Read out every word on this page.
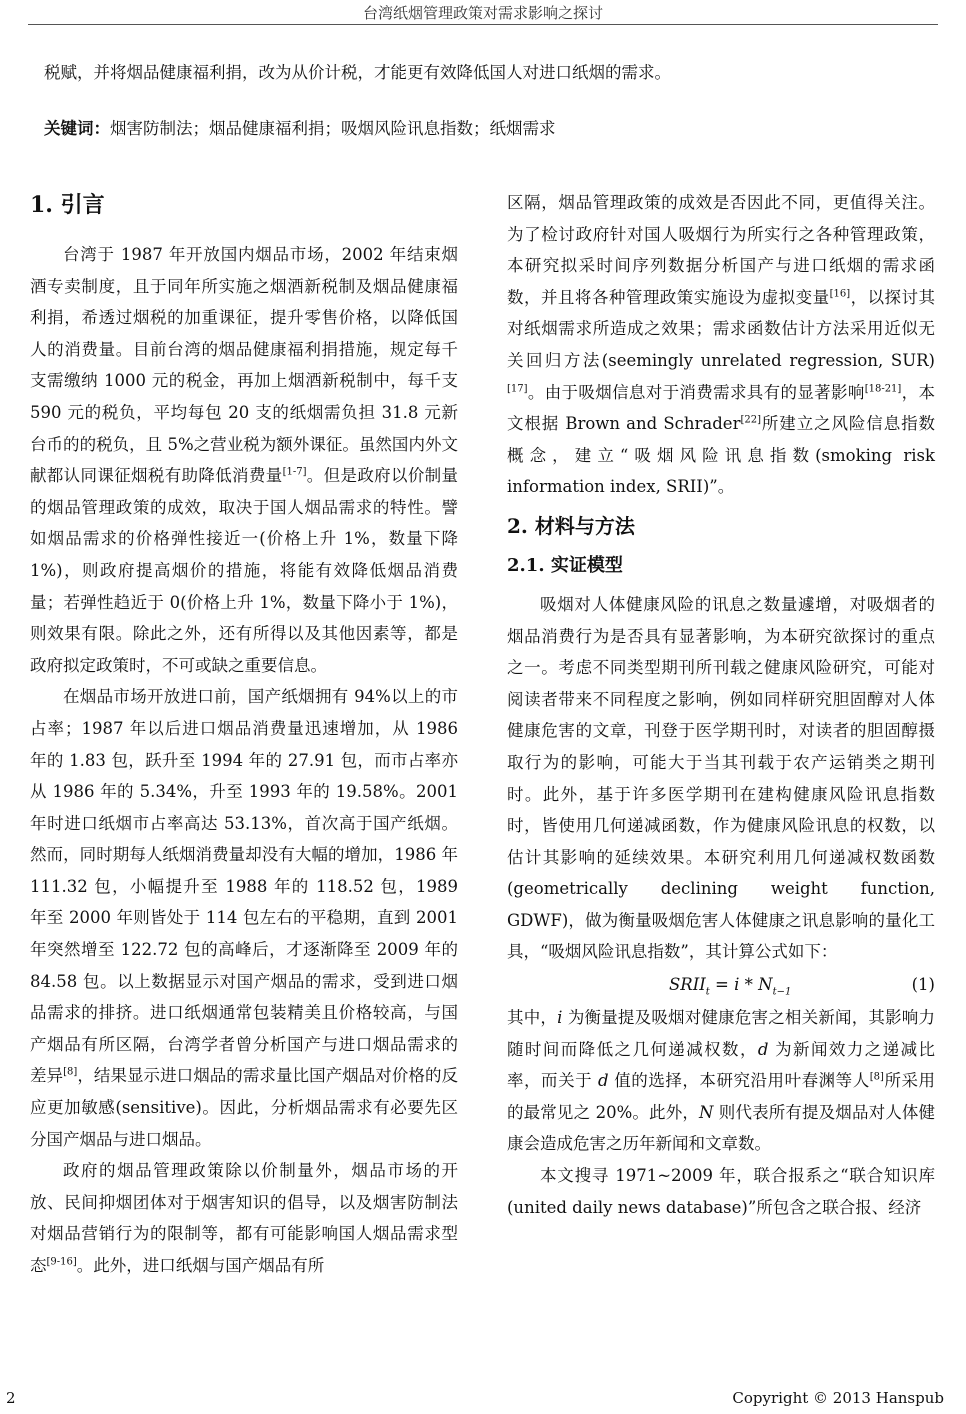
台湾纸烟管理政策对需求影响之探讨
税赋，并将烟品健康福利捐，改为从价计税，才能更有效降低国人对进口纸烟的需求。
关键词：烟害防制法；烟品健康福利捐；吸烟风险讯息指数；纸烟需求
1. 引言

台湾于 1987 年开放国内烟品市场，2002 年结束烟酒专卖制度，且于同年所实施之烟酒新税制及烟品健康福利捐，希透过烟税的加重课征，提升零售价格，以降低国人的消费量。目前台湾的烟品健康福利捐措施，规定每千支需缴纳 1000 元的税金，再加上烟酒新税制中，每千支 590 元的税负，平均每包 20 支的纸烟需负担 31.8 元新台币的的税负，且 5%之营业税为额外课征。虽然国内外文献都认同课征烟税有助降低消费量[1-7]。但是政府以价制量的烟品管理政策的成效，取决于国人烟品需求的特性。譬如烟品需求的价格弹性接近一(价格上升 1%，数量下降 1%)，则政府提高烟价的措施，将能有效降低烟品消费量；若弹性趋近于 0(价格上升 1%，数量下降小于 1%)，则效果有限。除此之外，还有所得以及其他因素等，都是政府拟定政策时，不可或缺之重要信息。

在烟品市场开放进口前，国产纸烟拥有 94%以上的市占率；1987 年以后进口烟品消费量迅速增加，从 1986 年的 1.83 包，跃升至 1994 年的 27.91 包，而市占率亦从 1986 年的 5.34%，升至 1993 年的 19.58%。2001 年时进口纸烟市占率高达 53.13%，首次高于国产纸烟。然而，同时期每人纸烟消费量却没有大幅的增加，1986 年 111.32 包，小幅提升至 1988 年的 118.52 包，1989 年至 2000 年则皆处于 114 包左右的平稳期，直到 2001 年突然增至 122.72 包的高峰后，才逐渐降至 2009 年的 84.58 包。以上数据显示对国产烟品的需求，受到进口烟品需求的排挤。进口纸烟通常包装精美且价格较高，与国产烟品有所区隔，台湾学者曾分析国产与进口烟品需求的差异[8]，结果显示进口烟品的需求量比国产烟品对价格的反应更加敏感(sensitive)。因此，分析烟品需求有必要先区分国产烟品与进口烟品。

政府的烟品管理政策除以价制量外，烟品市场的开放、民间抑烟团体对于烟害知识的倡导，以及烟害防制法对烟品营销行为的限制等，都有可能影响国人烟品需求型态[9-16]。此外，进口纸烟与国产烟品有所

区隔，烟品管理政策的成效是否因此不同，更值得关注。为了检讨政府针对国人吸烟行为所实行之各种管理政策，本研究拟采时间序列数据分析国产与进口纸烟的需求函数，并且将各种管理政策实施设为虚拟变量[16]，以探讨其对纸烟需求所造成之效果；需求函数估计方法采用近似无关回归方法(seemingly unrelated regression, SUR)[17]。由于吸烟信息对于消费需求具有的显著影响[18-21]，本文根据 Brown and Schrader[22]所建立之风险信息指数概念，建立“吸烟风险讯息指数(smoking risk information index, SRII)”。

2. 材料与方法
2.1. 实证模型

吸烟对人体健康风险的讯息之数量遽增，对吸烟者的烟品消费行为是否具有显著影响，为本研究欲探讨的重点之一。考虑不同类型期刊所刊载之健康风险研究，可能对阅读者带来不同程度之影响，例如同样研究胆固醇对人体健康危害的文章，刊登于医学期刊时，对读者的胆固醇摄取行为的影响，可能大于当其刊载于农产运销类之期刊时。此外，基于许多医学期刊在建构健康风险讯息指数时，皆使用几何递减函数，作为健康风险讯息的权数，以估计其影响的延续效果。本研究利用几何递减权数函数(geometrically declining weight function, GDWF)，做为衡量吸烟危害人体健康之讯息影响的量化工具，“吸烟风险讯息指数”，其计算公式如下：

$SRII_t = i * N_{t-1}$	(1)

其中，i 为衡量提及吸烟对健康危害之相关新闻，其影响力随时间而降低之几何递减权数，d 为新闻效力之递减比率，而关于 d 值的选择，本研究沿用叶春渊等人[8]所采用的最常见之 20%。此外，N 则代表所有提及烟品对人体健康会造成危害之历年新闻和文章数。

本文搜寻 1971~2009 年，联合报系之“联合知识库(united daily news database)”所包含之联合报、经济

2	Copyright © 2013 Hanspub
